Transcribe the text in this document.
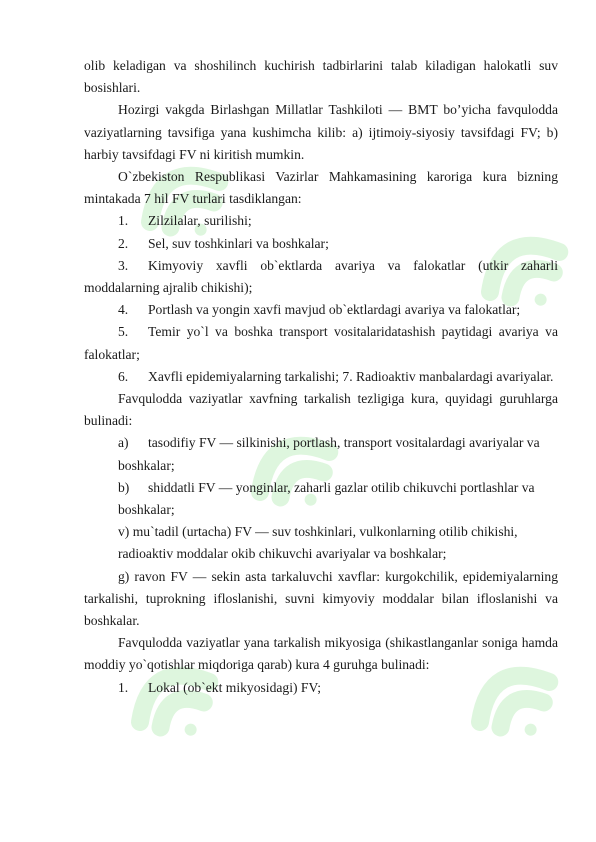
olib keladigan va shoshilinch kuchirish tadbirlarini talab kiladigan halokatli suv bosishlari.

Hozirgi vakgda Birlashgan Millatlar Tashkiloti — BMT bo’yicha favqulodda vaziyatlarning tavsifiga yana kushimcha kilib: a) ijtimoiy-siyosiy tavsifdagi FV; b) harbiy tavsifdagi FV ni kiritish mumkin.

O`zbekiston Respublikasi Vazirlar Mahkamasining karoriga kura bizning mintakada 7 hil FV turlari tasdiklangan:

1.	Zilzilalar, surilishi;
2.	Sel, suv toshkinlari va boshkalar;

3. Kimyoviy xavfli ob`ektlarda avariya va falokatlar (utkir zaharli moddalarning ajralib chikishi);

4.	Portlash va yongin xavfi mavjud ob`ektlardagi avariya va falokatlar;

5. Temir yo`l va boshka transport vositalaridatashish paytidagi avariya va falokatlar;

6. Xavfli epidemiyalarning tarkalishi; 7. Radioaktiv manbalardagi avariyalar.

Favqulodda vaziyatlar xavfning tarkalish tezligiga kura, quyidagi guruhlarga bulinadi:

a)	tasodifiy FV — silkinishi, portlash, transport vositalardagi avariyalar va

boshkalar;

b)	shiddatli FV — yonginlar, zaharli gazlar otilib chikuvchi portlashlar va

boshkalar;

v) mu`tadil (urtacha) FV — suv toshkinlari, vulkonlarning otilib chikishi,

radioaktiv moddalar okib chikuvchi avariyalar va boshkalar;

g) ravon FV — sekin asta tarkaluvchi xavflar: kurgokchilik, epidemiyalarning tarkalishi, tuprokning ifloslanishi, suvni kimyoviy moddalar bilan ifloslanishi va boshkalar.

Favqulodda vaziyatlar yana tarkalish mikyosiga (shikastlanganlar soniga hamda moddiy yo`qotishlar miqdoriga qarab) kura 4 guruhga bulinadi:

1.	Lokal (ob`ekt mikyosidagi) FV;
